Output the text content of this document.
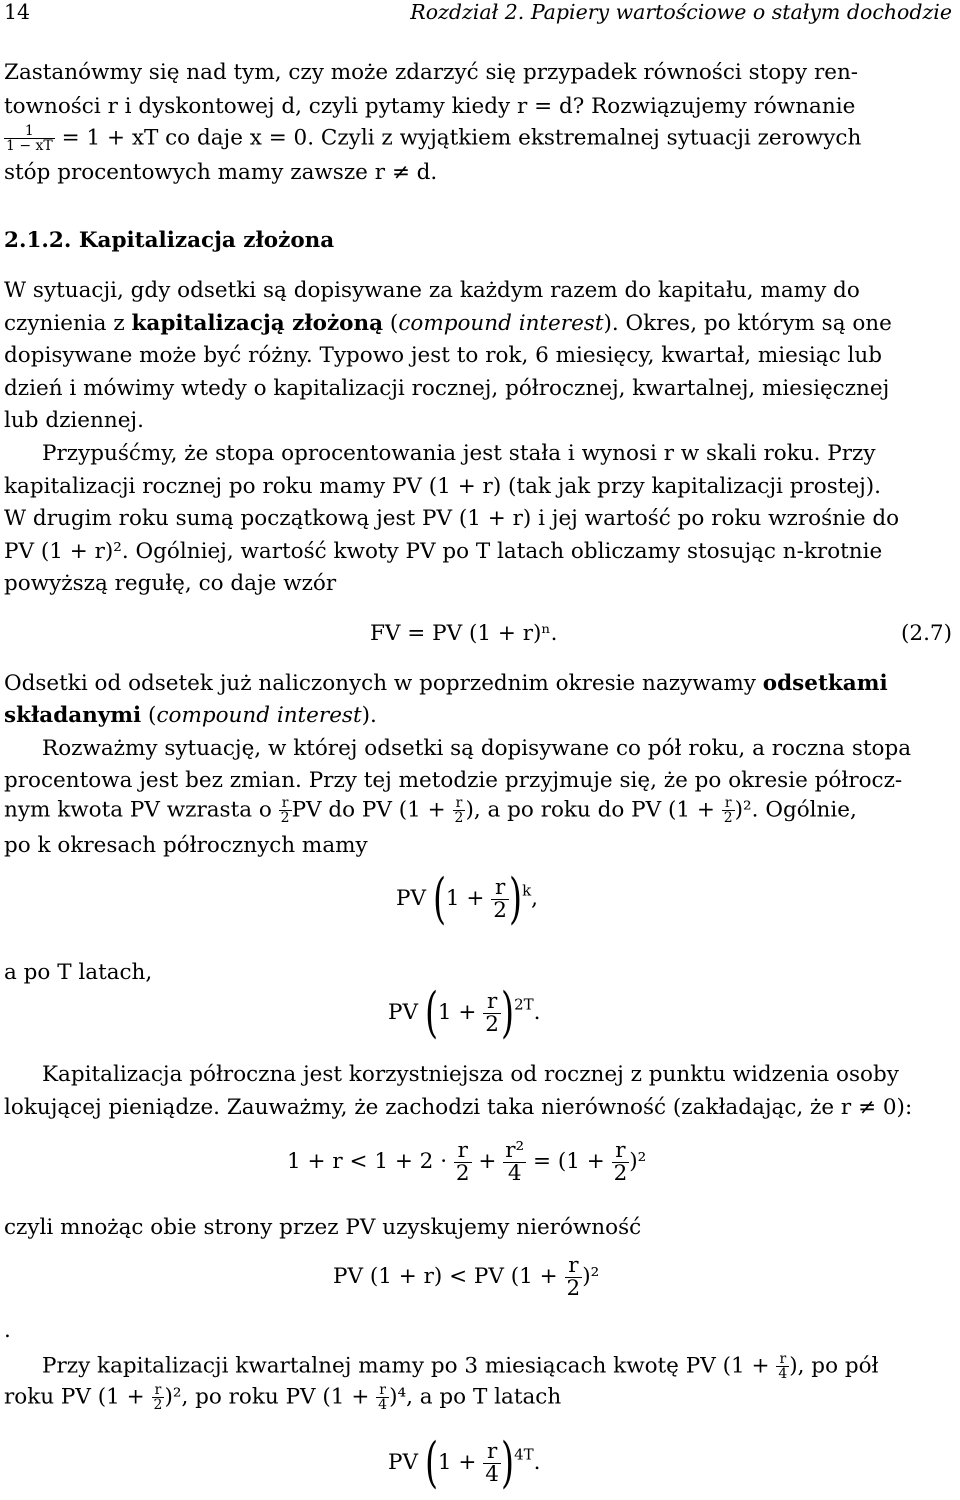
14	Rozdział 2. Papiery wartościowe o stałym dochodzie
Zastanówmy się nad tym, czy może zdarzyć się przypadek równości stopy ren-
towności r i dyskontowej d, czyli pytamy kiedy r = d? Rozwiązujemy równanie
$\frac{1}{1 - xT} = 1$ + xT co daje x = 0. Czyli z wyjątkiem ekstremalnej sytuacji zerowych
stóp procentowych mamy zawsze r ≠ d.
2.1.2. Kapitalizacja złożona
W sytuacji, gdy odsetki są dopisywane za każdym razem do kapitału, mamy do
czynienia z kapitalizacją złożoną (compound interest). Okres, po którym są one
dopisywane może być różny. Typowo jest to rok, 6 miesięcy, kwartał, miesiąc lub
dzień i mówimy wtedy o kapitalizacji rocznej, półrocznej, kwartalnej, miesięcznej
lub dziennej.
Przypuśćmy, że stopa oprocentowania jest stała i wynosi r w skali roku. Przy
kapitalizacji rocznej po roku mamy PV (1 + r) (tak jak przy kapitalizacji prostej).
W drugim roku sumą początkową jest PV (1 + r) i jej wartość po roku wzrośnie do
PV (1 + r)². Ogólniej, wartość kwoty PV po T latach obliczamy stosując n-krotnie
powyższą regułę, co daje wzór
FV = PV (1 + r)ⁿ.	(2.7)
Odsetki od odsetek już naliczonych w poprzednim okresie nazywamy odsetkami
składanymi (compound interest).
Rozważmy sytuację, w której odsetki są dopisywane co pół roku, a roczna stopa
procentowa jest bez zmian. Przy tej metodzie przyjmuje się, że po okresie półrocz-
nym kwota PV wzrasta o $\frac{r}{2}$ PV do PV ($1 + \frac{r}{2}$ ), a po roku do PV $(1 + \frac{r}{2} )^2$. Ogólnie,
po k okresach półrocznych mamy
PV $(1 + \frac{r}{2} )^k$,
a po T latach,
PV $(1 + \frac{r}{2} )^{2T}$.
Kapitalizacja półroczna jest korzystniejsza od rocznej z punktu widzenia osoby
lokującej pieniądze. Zauważmy, że zachodzi taka nierówność (zakładając, że r ≠ 0):
$1 + r < 1 + 2 \cdot \frac{r}{2} + \frac{\text{r²}}{4} = (1 + \frac{r}{2} )^2$
czyli mnożąc obie strony przez PV uzyskujemy nierówność
PV (1 + r) < PV $(1 + \frac{r}{2} )^2$
.
Przy kapitalizacji kwartalnej mamy po 3 miesiącach kwotę PV ($1 + \frac{r}{4}$ ), po pół
roku PV $(1 + \frac{r}{2} )^2$, po roku PV $(1 + \frac{r}{4} )^4$, a po T latach
PV $(1 + \frac{r}{4} )^{4T}$.
